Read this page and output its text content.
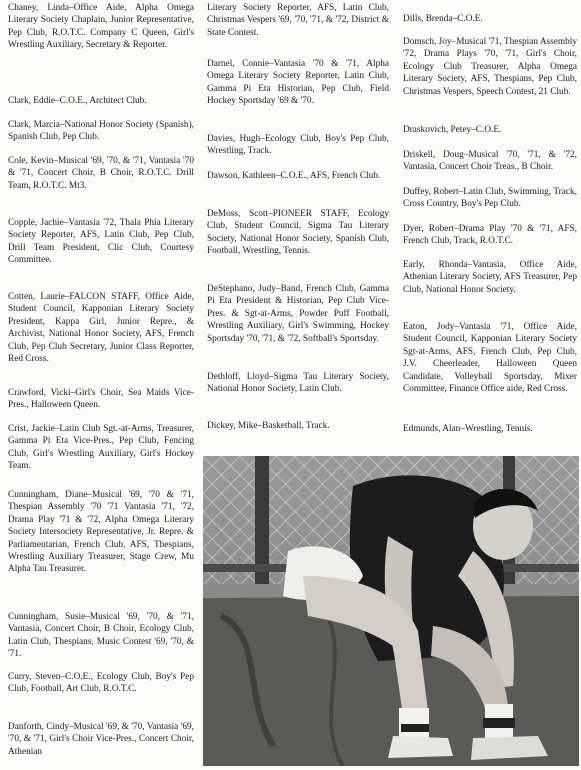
Chaney, Linda–Office Aide, Alpha Omega Literary Society Chaplain, Junior Representative, Pep Club, R.O.T.C. Company C Queen, Girl's Wrestling Auxiliary, Secretary & Reporter.

Clark, Eddie–C.O.E., Architect Club.

Clark, Marcia–National Honor Society (Spanish), Spanish Club, Pep Club.

Cole, Kevin–Musical '69, '70, & '71, Vantasia '70 & '71, Concert Choir, B Choir, R.O.T.C. Drill Team, R.O.T.C. Mt3.

Copple, Jachie–Vantasia '72, Thala Phia Literary Society Reporter, AFS, Latin Club, Pep Club, Drill Team President, Clic Club, Courtesy Committee.

Cotten, Laurie–FALCON STAFF, Office Aide, Student Council, Kapponian Literary Society President, Kappa Girl, Junior Repre., & Archivist, National Honor Society, AFS, French Club, Pep Club Secretary, Junior Class Reporter, Red Cross.

Crawford, Vicki–Girl's Choir, Sea Maids Vice-Pres., Halloween Queen.

Crist, Jackie–Latin Club Sgt.-at-Arms, Treasurer, Gamma Pi Eta Vice-Pres., Pep Club, Fencing Club, Girl's Wrestling Auxiliary, Girl's Hockey Team.

Cunningham, Diane–Musical '69, '70 & '71, Thespian Assembly '70 '71 Vantasia '71, '72, Drama Play '71 & '72, Alpha Omega Literary Society Intersociety Representative, Jr. Repre. & Parliamentarian, French Club, AFS, Thespians, Wrestling Auxiliary Treasurer, Stage Crew, Mu Alpha Tau Treasurer.

Cunningham, Susie–Musical '69, '70, & '71, Vantasia, Concert Choir, B Choir, Ecology Club, Latin Club, Thespians, Music Contest '69, '70, & '71.

Curry, Steven–C.O.E., Ecology Club, Boy's Pep Club, Football, Art Club, R.O.T.C.

Danforth, Cindy–Musical '69, & '70, Vantasia '69, '70, & '71, Girl's Choir Vice-Pres., Concert Choir, Athenian

Literary Society Reporter, AFS, Latin Club, Christmas Vespers '69, '70, '71, & '72, District & State Contest.

Darnel, Connie–Vantasia '70 & '71, Alpha Omega Literary Society Reporter, Latin Club, Gamma Pi Eta Historian, Pep Club, Field Hockey Sportsday '69 & '70.

Davies, Hugh–Ecology Club, Boy's Pep Club, Wrestling, Track.

Dawson, Kathleen–C.O.E., AFS, French Club.

DeMoss, Scott–PIONEER STAFF, Ecology Club, Student Council, Sigma Tau Literary Society, National Honor Society, Spanish Club, Football, Wrestling, Tennis.

DeStephano, Judy–Band, French Club, Gamma Pi Eta President & Historian, Pep Club Vice-Pres. & Sgt-at-Arms, Powder Puff Football, Wrestling Auxiliary, Girl's Swimming, Hockey Sportsday '70, '71, & '72, Softball's Sportsday.

Dethloff, Lloyd–Sigma Tau Literary Society, National Honor Society, Latin Club.

Dickey, Mike–Basketball, Track.

Dills, Brenda–C.O.E.

Domsch, Joy–Musical '71, Thespian Assembly '72, Drama Plays '70, '71, Girl's Choir, Ecology Club Treasurer, Alpha Omega Literary Society, AFS, Thespians, Pep Club, Christmas Vespers, Speech Contest, 21 Club.

Draskovich, Petey–C.O.E.

Driskell, Doug–Musical '70, '71, & '72, Vantasia, Concert Choir Treas., B Choir.

Duffey, Robert–Latin Club, Swimming, Track, Cross Country, Boy's Pep Club.

Dyer, Robert–Drama Play '70 & '71, AFS, French Club, Track, R.O.T.C.

Early, Rhonda–Vantasia, Office Aide, Athenian Literary Society, AFS Treasurer, Pep Club, National Honor Society.

Eaton, Jody–Vantasia '71, Office Aide, Student Council, Kapponian Literary Society Sgt-at-Arms, AFS, French Club, Pep Club, J.V. Cheerleader, Halloween Queen Candidate, Volleyball Sportsday, Mixer Committee, Finance Office aide, Red Cross.

Edmunds, Alan–Wrestling, Tennis.
